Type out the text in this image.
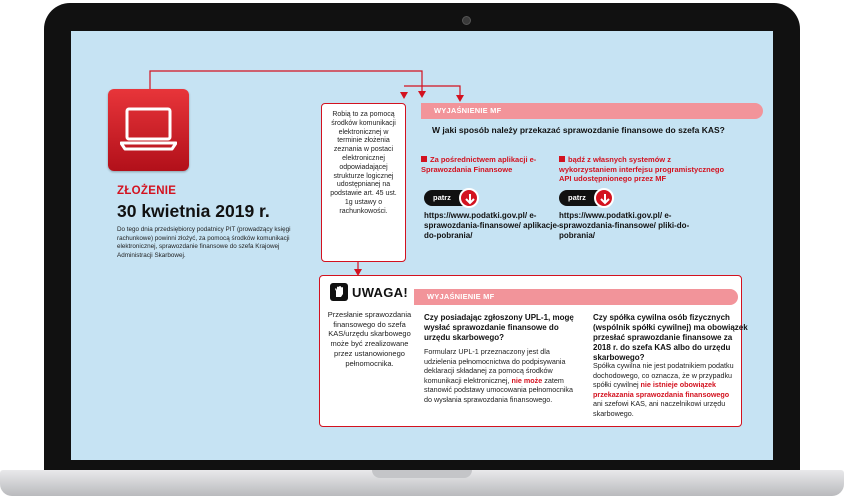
ZŁOŻENIE
30 kwietnia 2019 r.
Do tego dnia przedsiębiorcy podatnicy PIT (prowadzący księgi rachunkowe) powinni złożyć, za pomocą środków komunikacji elektronicznej, sprawozdanie finansowe do szefa Krajowej Administracji Skarbowej.
Robią to za pomocą środków komunikacji elektronicznej w terminie złożenia zeznania w postaci elektronicznej odpowiadającej strukturze logicznej udostępnianej na podstawie art. 45 ust. 1g ustawy o rachunkowości.
WYJAŚNIENIE MF
W jaki sposób należy przekazać sprawozdanie finansowe do szefa KAS?
Za pośrednictwem aplikacji e-Sprawozdania Finansowe
bądź z własnych systemów z wykorzystaniem interfejsu programistycznego API udostępnionego przez MF
patrz	patrz
https://www.podatki.gov.pl/ e-sprawozdania-finansowe/ aplikacje-do-pobrania/
https://www.podatki.gov.pl/ e-sprawozdania-finansowe/ pliki-do-pobrania/
UWAGA!
Przesłanie sprawozdania finansowego do szefa KAS/urzędu skarbowego może być zrealizowane przez ustanowionego pełnomocnika.
WYJAŚNIENIE MF
Czy posiadając zgłoszony UPL-1, mogę wysłać sprawozdanie finansowe do urzędu skarbowego?
Formularz UPL-1 przeznaczony jest dla udzielenia pełnomocnictwa do podpisywania deklaracji składanej za pomocą środków komunikacji elektronicznej, nie może zatem stanowić podstawy umocowania pełnomocnika do wysłania sprawozdania finansowego.
Czy spółka cywilna osób fizycznych (wspólnik spółki cywilnej) ma obowiązek przesłać sprawozdanie finansowe za 2018 r. do szefa KAS albo do urzędu skarbowego?
Spółka cywilna nie jest podatnikiem podatku dochodowego, co oznacza, że w przypadku spółki cywilnej nie istnieje obowiązek przekazania sprawozdania finansowego ani szefowi KAS, ani naczelnikowi urzędu skarbowego.
